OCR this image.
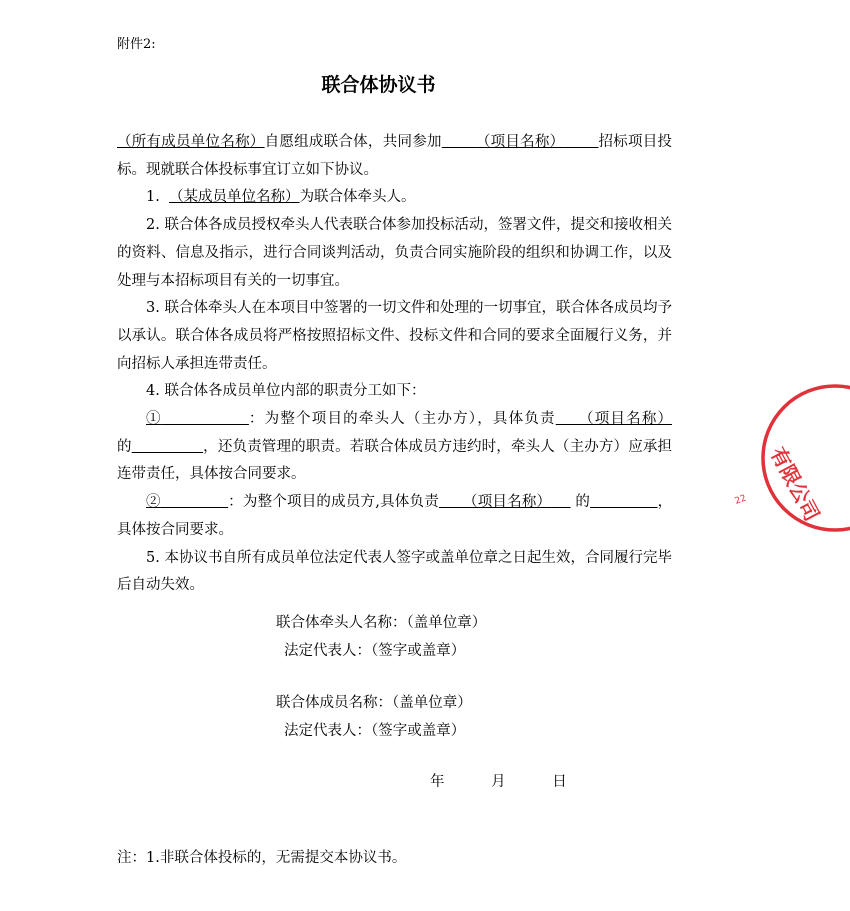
附件2:
联合体协议书

（所有成员单位名称）自愿组成联合体，共同参加 （项目名称） 招标项目投标。现就联合体投标事宜订立如下协议。

1. （某成员单位名称）为联合体牵头人。

2. 联合体各成员授权牵头人代表联合体参加投标活动，签署文件，提交和接收相关的资料、信息及指示，进行合同谈判活动，负责合同实施阶段的组织和协调工作，以及处理与本招标项目有关的一切事宜。

3. 联合体牵头人在本项目中签署的一切文件和处理的一切事宜，联合体各成员均予以承认。联合体各成员将严格按照招标文件、投标文件和合同的要求全面履行义务，并向招标人承担连带责任。

4. 联合体各成员单位内部的职责分工如下：

①	：为整个项目的牵头人（主办方），具体负责 （项目名称）的	，还负责管理的职责。若联合体成员方违约时，牵头人（主办方）应承担连带责任，具体按合同要求。

②	：为整个项目的成员方,具体负责 （项目名称） 的	，具体按合同要求。

5. 本协议书自所有成员单位法定代表人签字或盖单位章之日起生效，合同履行完毕后自动失效。

联合体牵头人名称：（盖单位章）
法定代表人：（签字或盖章）
联合体成员名称：（盖单位章）
法定代表人：（签字或盖章）
年	月	日
注：1.非联合体投标的，无需提交本协议书。
有限公司
22
